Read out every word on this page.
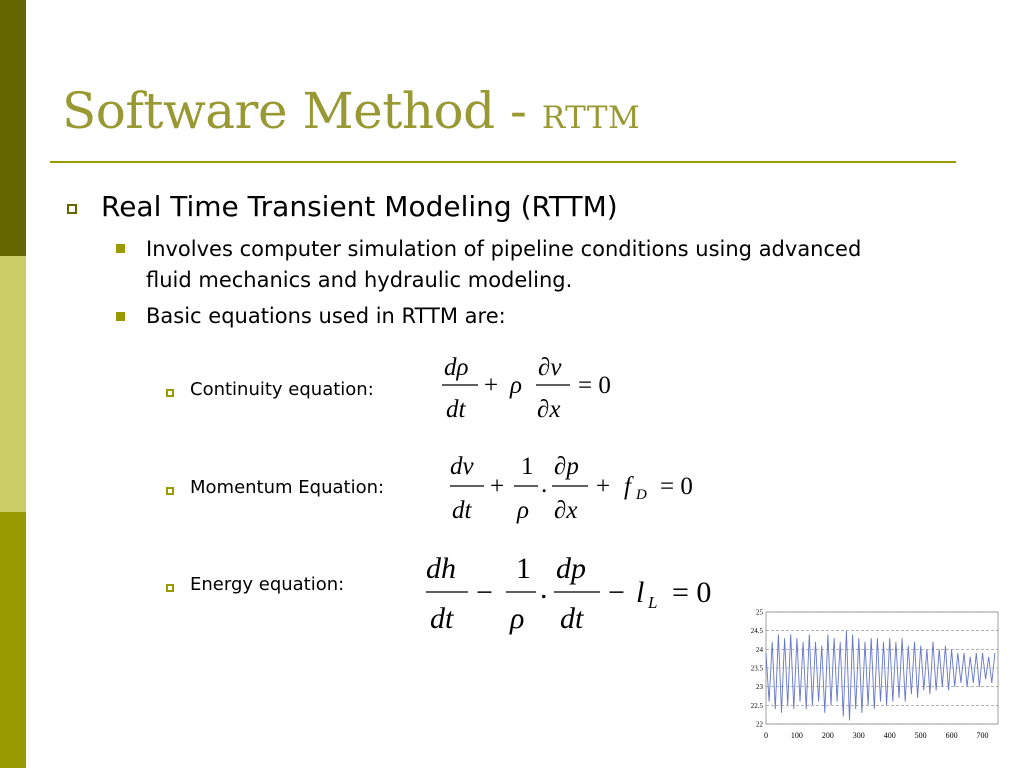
Software Method - RTTM
Real Time Transient Modeling (RTTM)
Involves computer simulation of pipeline conditions using advanced fluid mechanics and hydraulic modeling.
Basic equations used in RTTM are:
Continuity equation:
Momentum Equation:
Energy equation:
dρ
dt
+ ρ
∂v
∂x
= 0
dv
dt
+
1
ρ
.
∂p
∂x
+ f D = 0
dh
dt
−
1
ρ
.
dp
dt
− l L = 0
25
24.5
24
23.5
23
22.5
22
0	100 200 300 400 500 600 700
